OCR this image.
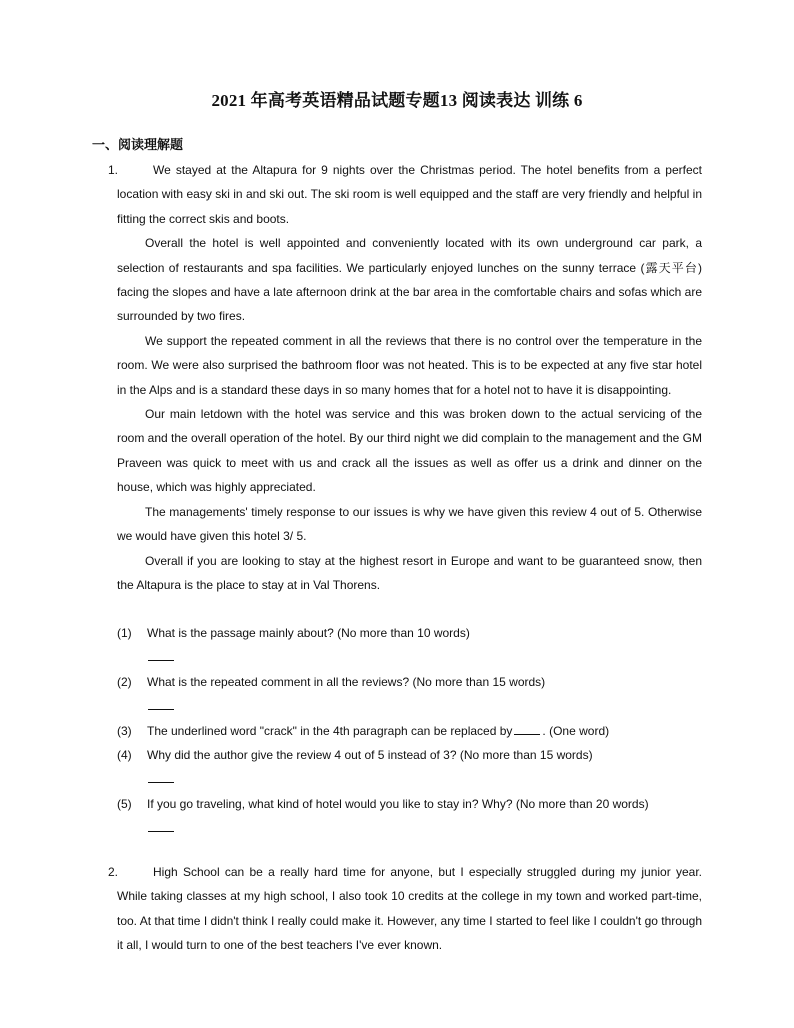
2021 年高考英语精品试题专题13 阅读表达 训练 6
一、阅读理解题
1.	We stayed at the Altapura for 9 nights over the Christmas period. The hotel benefits from a perfect location with easy ski in and ski out. The ski room is well equipped and the staff are very friendly and helpful in fitting the correct skis and boots.

Overall the hotel is well appointed and conveniently located with its own underground car park, a selection of restaurants and spa facilities. We particularly enjoyed lunches on the sunny terrace (露天平台) facing the slopes and have a late afternoon drink at the bar area in the comfortable chairs and sofas which are surrounded by two fires.

We support the repeated comment in all the reviews that there is no control over the temperature in the room. We were also surprised the bathroom floor was not heated. This is to be expected at any five star hotel in the Alps and is a standard these days in so many homes that for a hotel not to have it is disappointing.

Our main letdown with the hotel was service and this was broken down to the actual servicing of the room and the overall operation of the hotel. By our third night we did complain to the management and the GM Praveen was quick to meet with us and crack all the issues as well as offer us a drink and dinner on the house, which was highly appreciated.

The managements' timely response to our issues is why we have given this review 4 out of 5. Otherwise we would have given this hotel 3/ 5.

Overall if you are looking to stay at the highest resort in Europe and want to be guaranteed snow, then the Altapura is the place to stay at in Val Thorens.

(1) What is the passage mainly about? (No more than 10 words)
(2) What is the repeated comment in all the reviews? (No more than 15 words)
(3) The underlined word "crack" in the 4th paragraph can be replaced by	. (One word)
(4) Why did the author give the review 4 out of 5 instead of 3? (No more than 15 words)
(5) If you go traveling, what kind of hotel would you like to stay in? Why? (No more than 20 words)
2.	High School can be a really hard time for anyone, but I especially struggled during my junior year. While taking classes at my high school, I also took 10 credits at the college in my town and worked part-time, too. At that time I didn't think I really could make it. However, any time I started to feel like I couldn't go through it all, I would turn to one of the best teachers I've ever known.
